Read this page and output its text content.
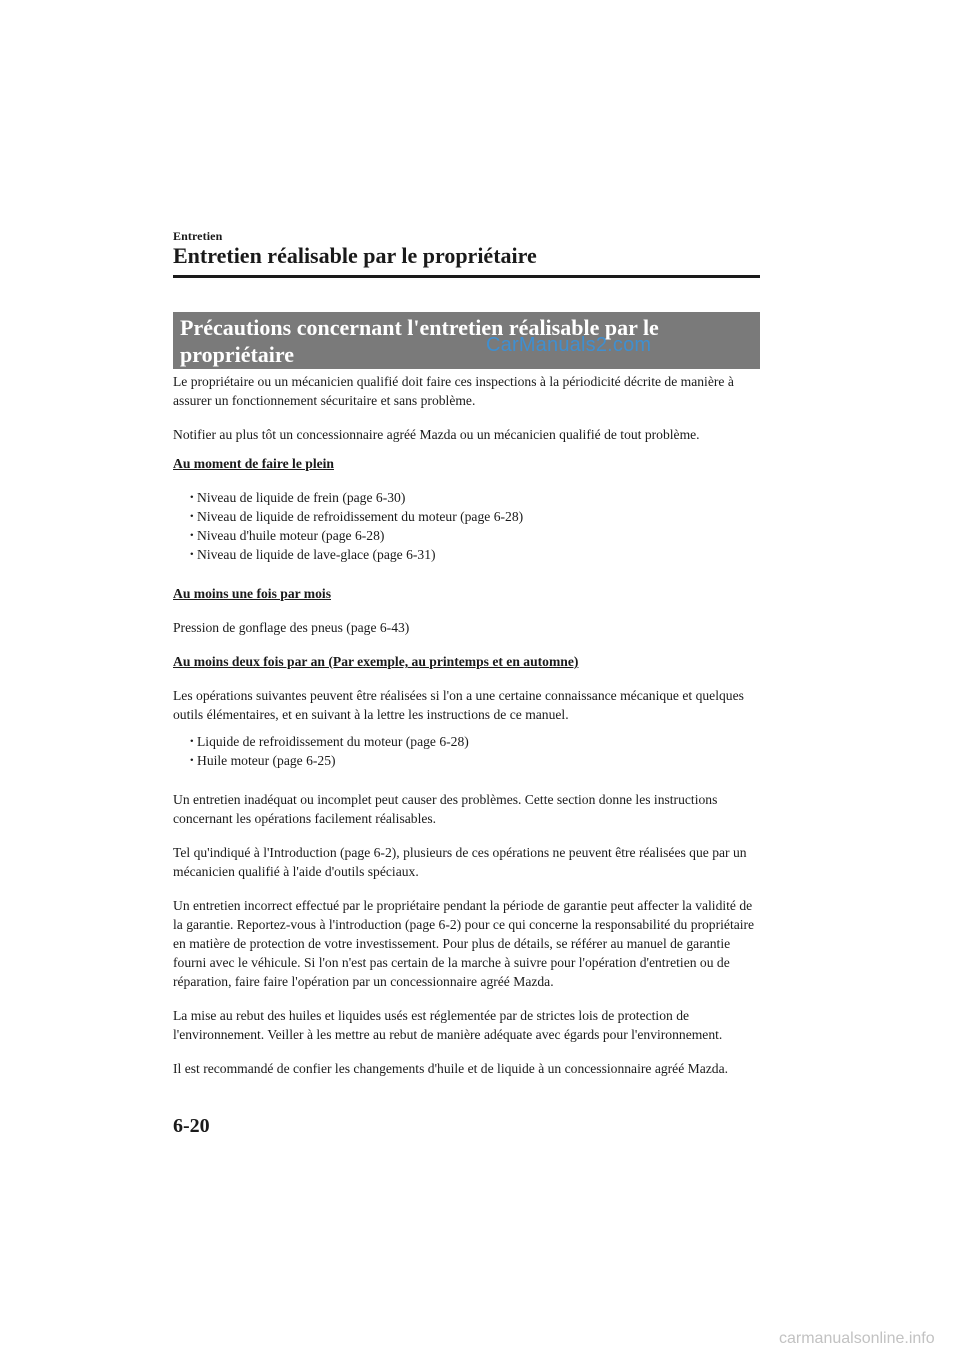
Entretien
Entretien réalisable par le propriétaire
Précautions concernant l'entretien réalisable par le propriétaire	CarManuals2.com

Le propriétaire ou un mécanicien qualifié doit faire ces inspections à la périodicité décrite de manière à assurer un fonctionnement sécuritaire et sans problème.

Notifier au plus tôt un concessionnaire agréé Mazda ou un mécanicien qualifié de tout problème.

Au moment de faire le plein

・
Niveau de liquide de frein (page 6-30)
・
Niveau de liquide de refroidissement du moteur (page 6-28)
・
Niveau d'huile moteur (page 6-28)
・
Niveau de liquide de lave-glace (page 6-31)

Au moins une fois par mois

Pression de gonflage des pneus (page 6-43)

Au moins deux fois par an (Par exemple, au printemps et en automne)

Les opérations suivantes peuvent être réalisées si l'on a une certaine connaissance mécanique et quelques outils élémentaires, et en suivant à la lettre les instructions de ce manuel.

・
Liquide de refroidissement du moteur (page 6-28)
・
Huile moteur (page 6-25)

Un entretien inadéquat ou incomplet peut causer des problèmes. Cette section donne les instructions concernant les opérations facilement réalisables.

Tel qu'indiqué à l'Introduction (page 6-2), plusieurs de ces opérations ne peuvent être réalisées que par un mécanicien qualifié à l'aide d'outils spéciaux.

Un entretien incorrect effectué par le propriétaire pendant la période de garantie peut affecter la validité de la garantie. Reportez-vous à l'introduction (page 6-2) pour ce qui concerne la responsabilité du propriétaire en matière de protection de votre investissement. Pour plus de détails, se référer au manuel de garantie fourni avec le véhicule. Si l'on n'est pas certain de la marche à suivre pour l'opération d'entretien ou de réparation, faire faire l'opération par un concessionnaire agréé Mazda.

La mise au rebut des huiles et liquides usés est réglementée par de strictes lois de protection de l'environnement. Veiller à les mettre au rebut de manière adéquate avec égards pour l'environnement.

Il est recommandé de confier les changements d'huile et de liquide à un concessionnaire agréé Mazda.

6-20
carmanualsonline.info
